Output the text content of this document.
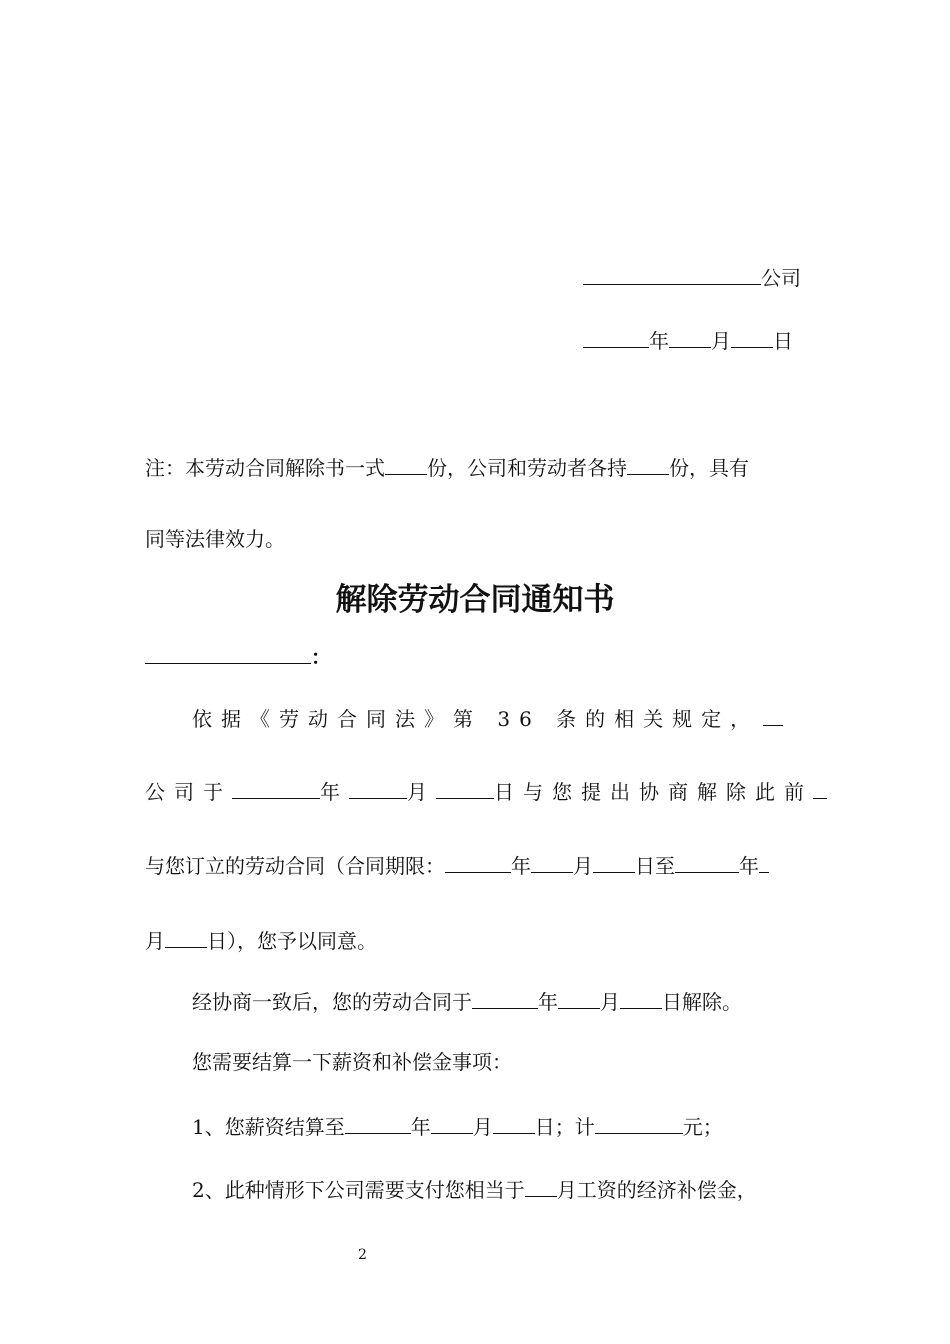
公司
年 月 日
注：本劳动合同解除书一式 份，公司和劳动者各持 份，具有
同等法律效力。
解除劳动合同通知书
：
依据《劳动合同法》第 36 条的相关规定，
公司于	年	月	日与您提出协商解除此前
与您订立的劳动合同（合同期限：	年 月 日至	年
月 日），您予以同意。
经协商一致后，您的劳动合同于	年 月 日解除。
您需要结算一下薪资和补偿金事项：
1、您薪资结算至	年 月 日；计	元；
2、此种情形下公司需要支付您相当于 月工资的经济补偿金，
2
